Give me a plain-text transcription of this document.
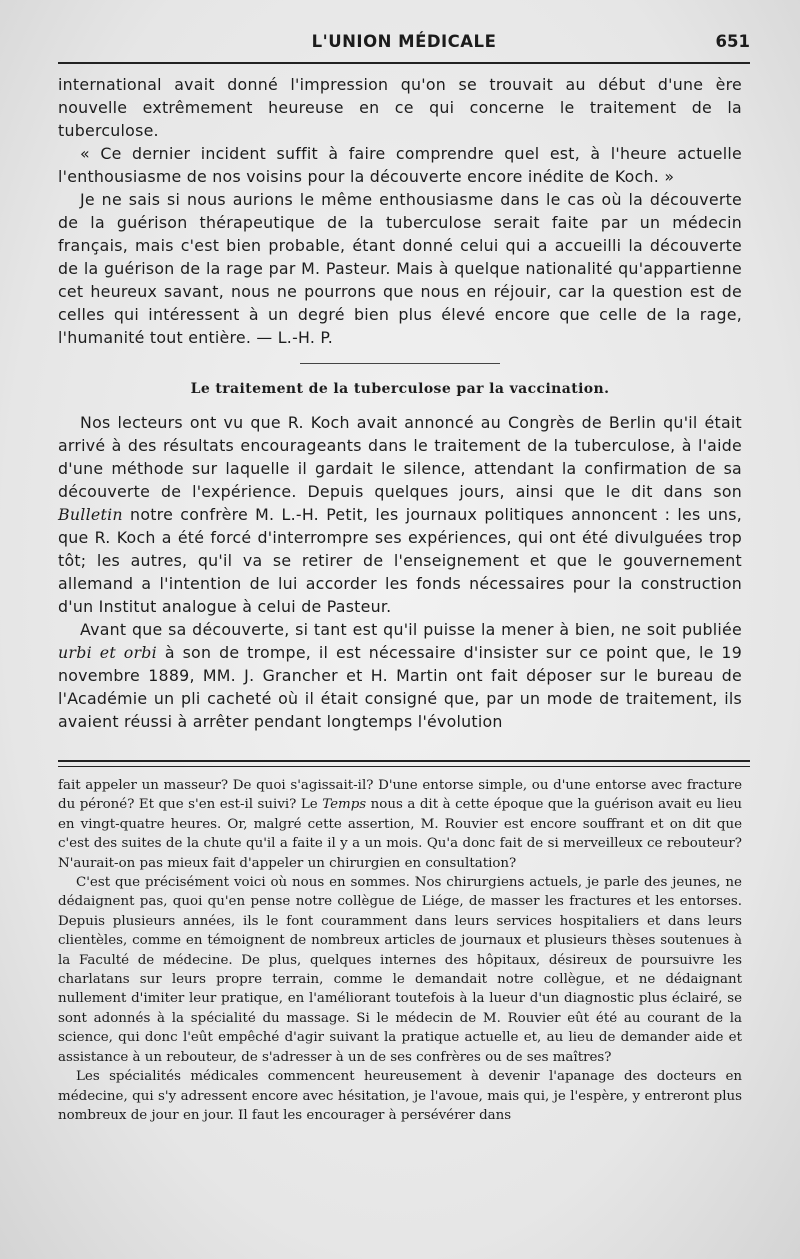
L'UNION MÉDICALE	651

international avait donné l'impression qu'on se trouvait au début d'une ère nouvelle extrêmement heureuse en ce qui concerne le traitement de la tuberculose.

« Ce dernier incident suffit à faire comprendre quel est, à l'heure actuelle l'enthousiasme de nos voisins pour la découverte encore inédite de Koch. »

Je ne sais si nous aurions le même enthousiasme dans le cas où la découverte de la guérison thérapeutique de la tuberculose serait faite par un médecin français, mais c'est bien probable, étant donné celui qui a accueilli la découverte de la guérison de la rage par M. Pasteur. Mais à quelque nationalité qu'appartienne cet heureux savant, nous ne pourrons que nous en réjouir, car la question est de celles qui intéressent à un degré bien plus élevé encore que celle de la rage, l'humanité tout entière. — L.-H. P.

Le traitement de la tuberculose par la vaccination.

Nos lecteurs ont vu que R. Koch avait annoncé au Congrès de Berlin qu'il était arrivé à des résultats encourageants dans le traitement de la tuberculose, à l'aide d'une méthode sur laquelle il gardait le silence, attendant la confirmation de sa découverte de l'expérience. Depuis quelques jours, ainsi que le dit dans son Bulletin notre confrère M. L.-H. Petit, les journaux politiques annoncent : les uns, que R. Koch a été forcé d'interrompre ses expériences, qui ont été divulguées trop tôt; les autres, qu'il va se retirer de l'enseignement et que le gouvernement allemand a l'intention de lui accorder les fonds nécessaires pour la construction d'un Institut analogue à celui de Pasteur.

Avant que sa découverte, si tant est qu'il puisse la mener à bien, ne soit publiée urbi et orbi à son de trompe, il est nécessaire d'insister sur ce point que, le 19 novembre 1889, MM. J. Grancher et H. Martin ont fait déposer sur le bureau de l'Académie un pli cacheté où il était consigné que, par un mode de traitement, ils avaient réussi à arrêter pendant longtemps l'évolution

fait appeler un masseur? De quoi s'agissait-il? D'une entorse simple, ou d'une entorse avec fracture du péroné? Et que s'en est-il suivi? Le Temps nous a dit à cette époque que la guérison avait eu lieu en vingt-quatre heures. Or, malgré cette assertion, M. Rouvier est encore souffrant et on dit que c'est des suites de la chute qu'il a faite il y a un mois. Qu'a donc fait de si merveilleux ce rebouteur? N'aurait-on pas mieux fait d'appeler un chirurgien en consultation?

C'est que précisément voici où nous en sommes. Nos chirurgiens actuels, je parle des jeunes, ne dédaignent pas, quoi qu'en pense notre collègue de Liége, de masser les fractures et les entorses. Depuis plusieurs années, ils le font couramment dans leurs services hospitaliers et dans leurs clientèles, comme en témoignent de nombreux articles de journaux et plusieurs thèses soutenues à la Faculté de médecine. De plus, quelques internes des hôpitaux, désireux de poursuivre les charlatans sur leurs propre terrain, comme le demandait notre collègue, et ne dédaignant nullement d'imiter leur pratique, en l'améliorant toutefois à la lueur d'un diagnostic plus éclairé, se sont adonnés à la spécialité du massage. Si le médecin de M. Rouvier eût été au courant de la science, qui donc l'eût empêché d'agir suivant la pratique actuelle et, au lieu de demander aide et assistance à un rebouteur, de s'adresser à un de ses confrères ou de ses maîtres?

Les spécialités médicales commencent heureusement à devenir l'apanage des docteurs en médecine, qui s'y adressent encore avec hésitation, je l'avoue, mais qui, je l'espère, y entreront plus nombreux de jour en jour. Il faut les encourager à persévérer dans
